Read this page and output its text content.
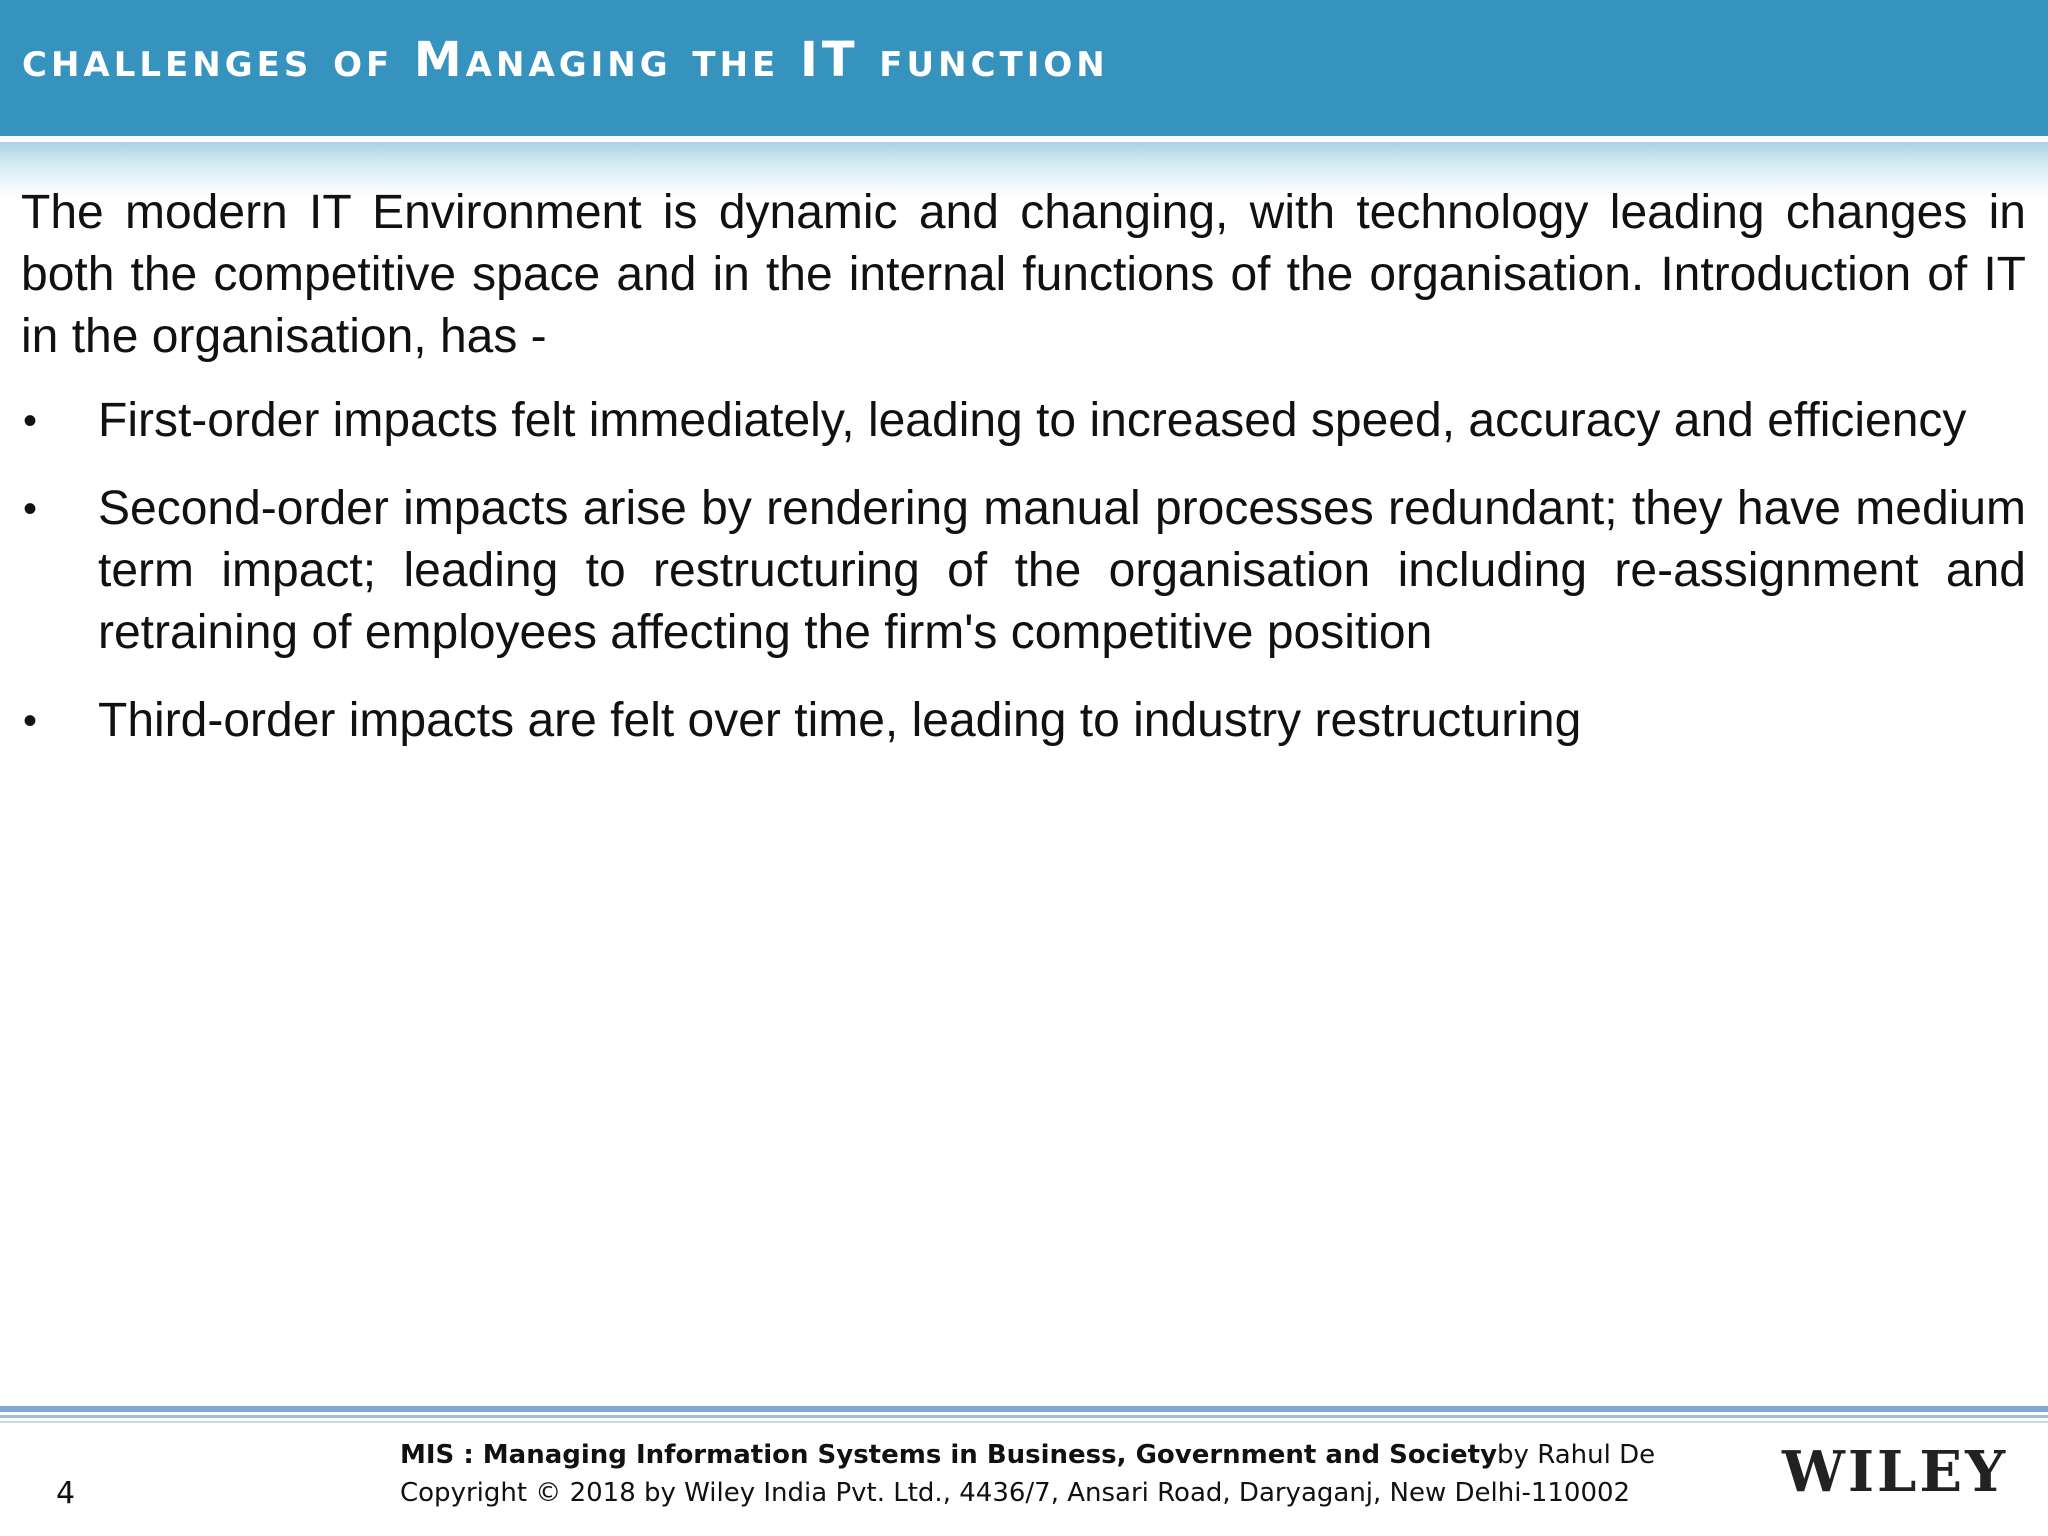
challenges of Managing the IT function

The modern IT Environment is dynamic and changing, with technology leading changes in both the competitive space and in the internal functions of the organisation. Introduction of IT in the organisation, has -

• First-order impacts felt immediately, leading to increased speed, accuracy and efficiency
• Second-order impacts arise by rendering manual processes redundant; they have medium term impact; leading to restructuring of the organisation including re-assignment and retraining of employees affecting the firm's competitive position
• Third-order impacts are felt over time, leading to industry restructuring
4
MIS : Managing Information Systems in Business, Government and Society by Rahul De
Copyright © 2018 by Wiley India Pvt. Ltd., 4436/7, Ansari Road, Daryaganj, New Delhi-110002	WILEY
